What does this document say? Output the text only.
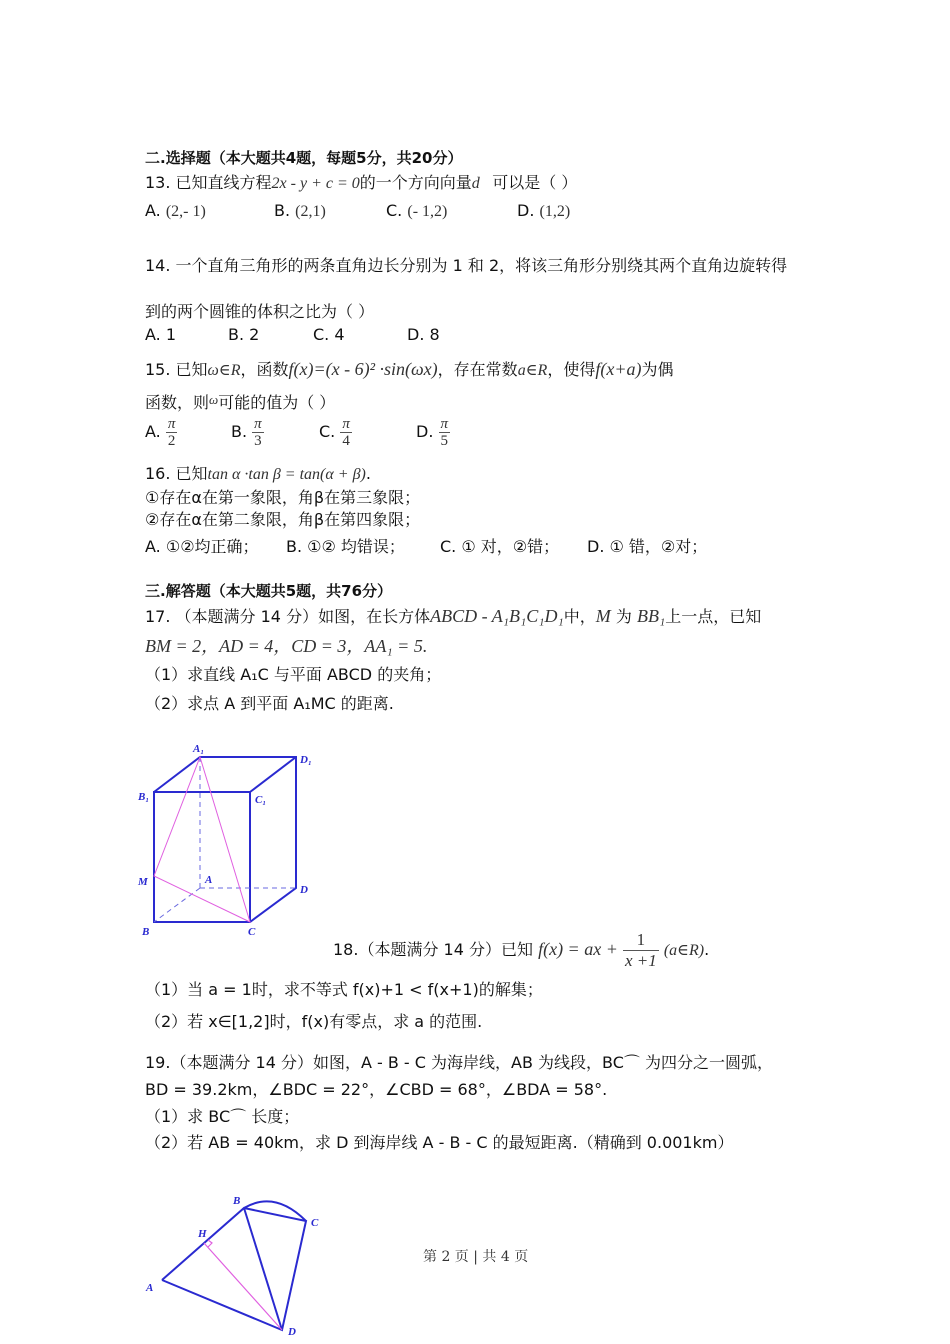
二.选择题（本大题共4题，每题5分，共20分）
13. 已知直线方程2x - y + c = 0的一个方向向量d⃗可以是（ ）
A. (2,- 1)	B. (2,1)	C. (- 1,2)	D. (1,2)
14. 一个直角三角形的两条直角边长分别为 1 和 2，将该三角形分别绕其两个直角边旋转得
到的两个圆锥的体积之比为（ ）
A. 1	B. 2	C. 4	D. 8
15. 已知ω∈R，函数f(x)=(x - 6)² ·sin(ωx)，存在常数a∈R，使得f(x+a)为偶
函数，则$^\omega$可能的值为（ ）
A. $\frac{\pi}{2}$	B. $\frac{\pi}{3}$	C. $\frac{\pi}{4}$	D. $\frac{\pi}{5}$
16. 已知tan α ·tan β = tan(α + β).
①存在α在第一象限，角β在第三象限；
②存在α在第二象限，角β在第四象限；
A. ①②均正确； B. ①② 均错误； C. ① 对，②错； D. ① 错，②对；
三.解答题（本大题共5题，共76分）
17. （本题满分 14 分）如图，在长方体ABCD - A₁B₁C₁D₁中，M 为 BB₁上一点，已知
BM = 2，AD = 4，CD = 3，AA₁ = 5.
（1）求直线 A₁C 与平面 ABCD 的夹角；
（2）求点 A 到平面 A₁MC 的距离.
A₁
D₁
B₁	C₁
M	A
D
B	C
18.（本题满分 14 分）已知 f(x) = ax + $\frac{1}{x +1}$ (a∈R).
（1）当 a = 1时，求不等式 f(x)+1 < f(x+1)的解集；
（2）若 x∈[1,2]时，f(x)有零点，求 a 的范围.
19.（本题满分 14 分）如图，A - B - C 为海岸线，AB 为线段，BC⌒ 为四分之一圆弧，
BD = 39.2km，∠BDC = 22°，∠CBD = 68°，∠BDA = 58°.
（1）求 BC⌒ 长度；
（2）若 AB = 40km，求 D 到海岸线 A - B - C 的最短距离.（精确到 0.001km）
B
C
H
A
D
第 2 页 | 共 4 页
